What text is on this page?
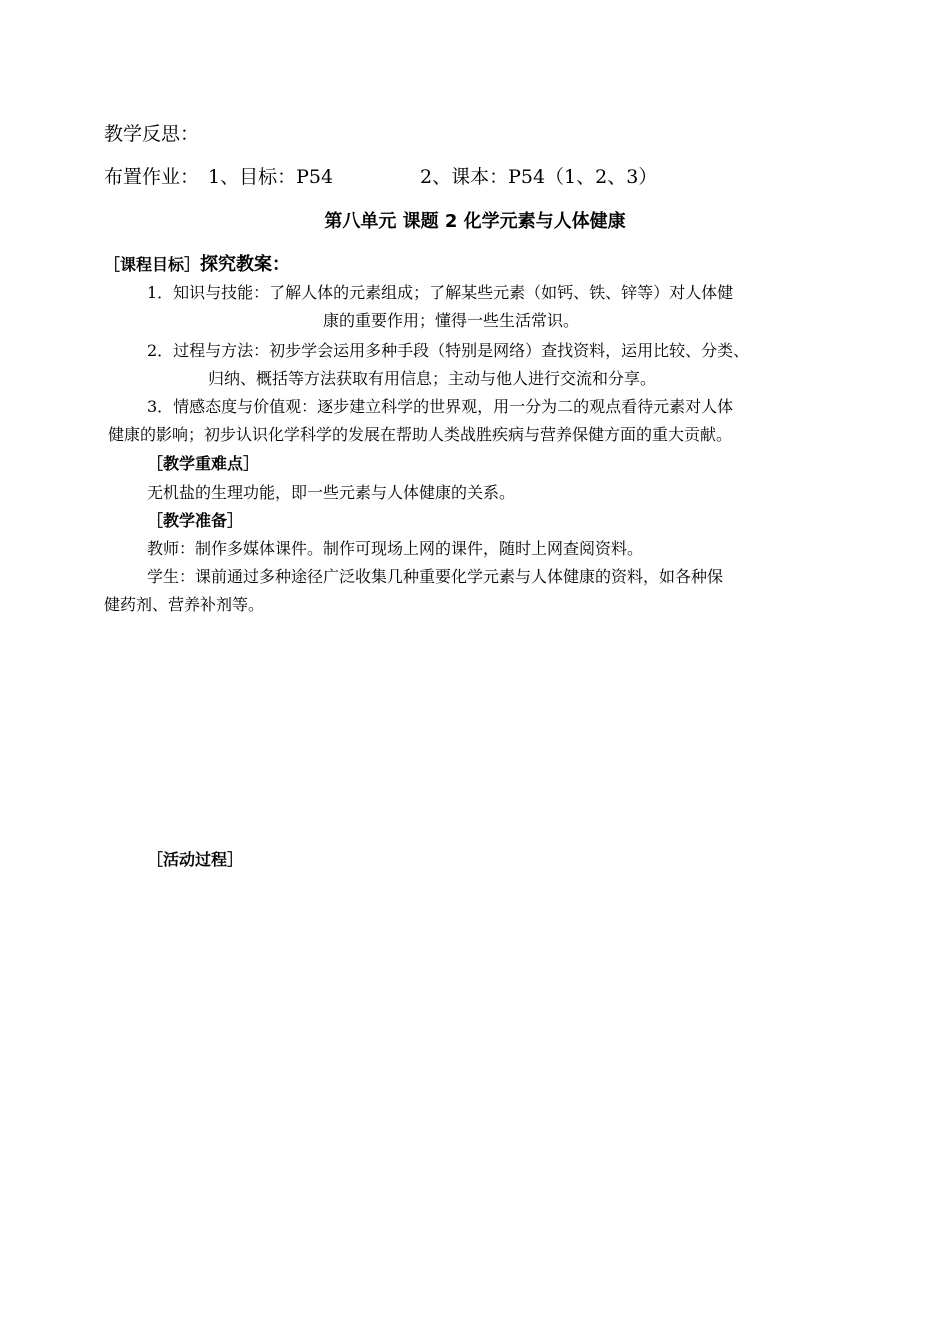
教学反思：
布置作业： 1、目标：P54	2、课本：P54（1、2、3）
第八单元 课题 2 化学元素与人体健康
［课程目标］探究教案：
1．知识与技能：了解人体的元素组成；了解某些元素（如钙、铁、锌等）对人体健
康的重要作用；懂得一些生活常识。
2．过程与方法：初步学会运用多种手段（特别是网络）查找资料，运用比较、分类、
归纳、概括等方法获取有用信息；主动与他人进行交流和分享。
3．情感态度与价值观：逐步建立科学的世界观，用一分为二的观点看待元素对人体
健康的影响；初步认识化学科学的发展在帮助人类战胜疾病与营养保健方面的重大贡献。
［教学重难点］
无机盐的生理功能，即一些元素与人体健康的关系。
［教学准备］
教师：制作多媒体课件。制作可现场上网的课件，随时上网查阅资料。
学生：课前通过多种途径广泛收集几种重要化学元素与人体健康的资料，如各种保
健药剂、营养补剂等。
［活动过程］
